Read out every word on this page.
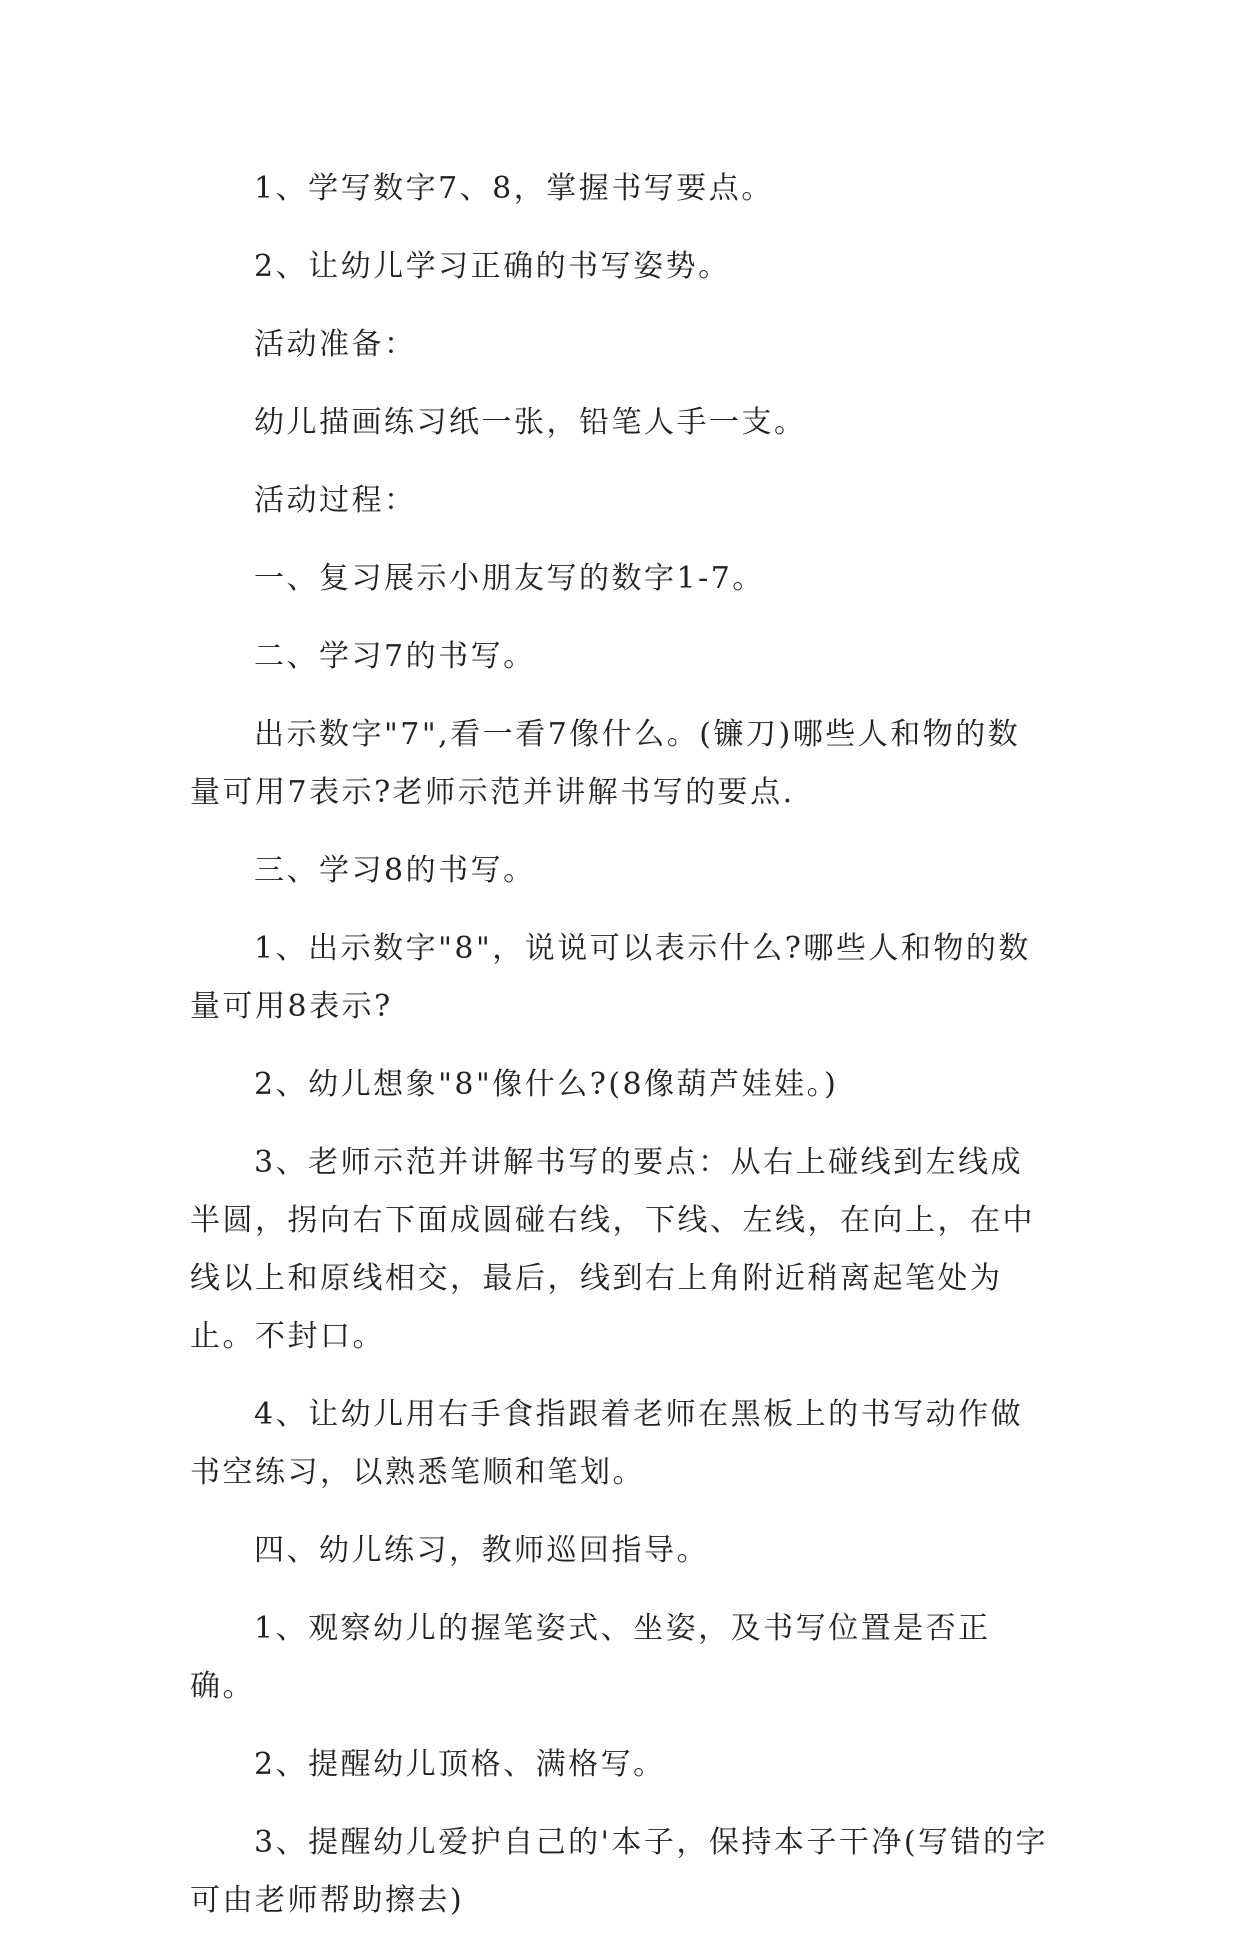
1、学写数字7、8，掌握书写要点。

2、让幼儿学习正确的书写姿势。

活动准备：

幼儿描画练习纸一张，铅笔人手一支。

活动过程：

一、复习展示小朋友写的数字1-7。

二、学习7的书写。

出示数字"7",看一看7像什么。(镰刀)哪些人和物的数量可用7表示?老师示范并讲解书写的要点.

三、学习8的书写。

1、出示数字"8"，说说可以表示什么?哪些人和物的数量可用8表示?

2、幼儿想象"8"像什么?(8像葫芦娃娃。)

3、老师示范并讲解书写的要点：从右上碰线到左线成半圆，拐向右下面成圆碰右线，下线、左线，在向上，在中线以上和原线相交，最后，线到右上角附近稍离起笔处为止。不封口。

4、让幼儿用右手食指跟着老师在黑板上的书写动作做书空练习，以熟悉笔顺和笔划。

四、幼儿练习，教师巡回指导。

1、观察幼儿的握笔姿式、坐姿，及书写位置是否正确。

2、提醒幼儿顶格、满格写。

3、提醒幼儿爱护自己的'本子，保持本子干净(写错的字可由老师帮助擦去)
